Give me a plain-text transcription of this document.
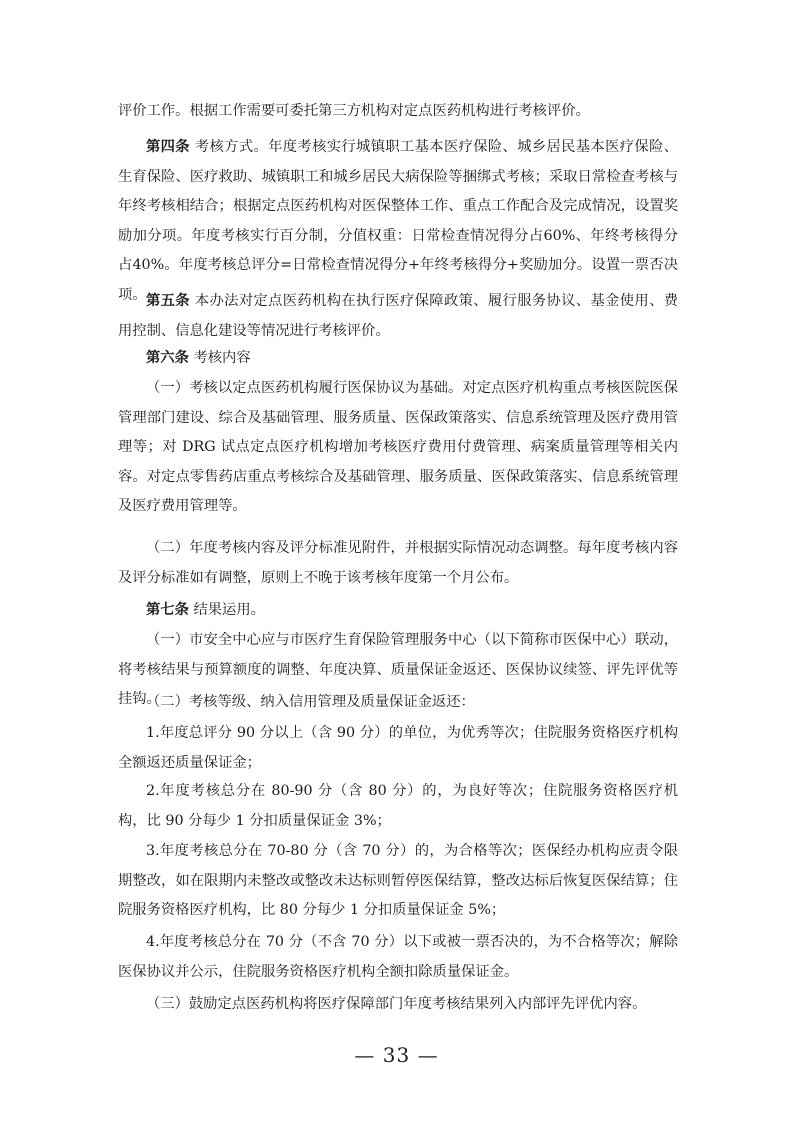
评价工作。根据工作需要可委托第三方机构对定点医药机构进行考核评价。

第四条 考核方式。年度考核实行城镇职工基本医疗保险、城乡居民基本医疗保险、生育保险、医疗救助、城镇职工和城乡居民大病保险等捆绑式考核；采取日常检查考核与年终考核相结合；根据定点医药机构对医保整体工作、重点工作配合及完成情况，设置奖励加分项。年度考核实行百分制，分值权重：日常检查情况得分占60%、年终考核得分占40%。年度考核总评分=日常检查情况得分+年终考核得分+奖励加分。设置一票否决项。 第五条 本办法对定点医药机构在执行医疗保障政策、履行服务协议、基金使用、费用控制、信息化建设等情况进行考核评价。

第六条 考核内容

（一）考核以定点医药机构履行医保协议为基础。对定点医疗机构重点考核医院医保管理部门建设、综合及基础管理、服务质量、医保政策落实、信息系统管理及医疗费用管理等；对 DRG 试点定点医疗机构增加考核医疗费用付费管理、病案质量管理等相关内容。对定点零售药店重点考核综合及基础管理、服务质量、医保政策落实、信息系统管理及医疗费用管理等。

（二）年度考核内容及评分标准见附件，并根据实际情况动态调整。每年度考核内容及评分标准如有调整，原则上不晚于该考核年度第一个月公布。

第七条 结果运用。

（一）市安全中心应与市医疗生育保险管理服务中心（以下简称市医保中心）联动，将考核结果与预算额度的调整、年度决算、质量保证金返还、医保协议续签、评先评优等挂钩。

（二）考核等级、纳入信用管理及质量保证金返还：

1.年度总评分 90 分以上（含 90 分）的单位，为优秀等次；住院服务资格医疗机构全额返还质量保证金；

2.年度考核总分在 80-90 分（含 80 分）的，为良好等次；住院服务资格医疗机构，比 90 分每少 1 分扣质量保证金 3%；

3.年度考核总分在 70-80 分（含 70 分）的，为合格等次；医保经办机构应责令限期整改，如在限期内未整改或整改未达标则暂停医保结算，整改达标后恢复医保结算；住院服务资格医疗机构，比 80 分每少 1 分扣质量保证金 5%；

4.年度考核总分在 70 分（不含 70 分）以下或被一票否决的，为不合格等次；解除医保协议并公示，住院服务资格医疗机构全额扣除质量保证金。

（三）鼓励定点医药机构将医疗保障部门年度考核结果列入内部评先评优内容。

— 33 —
